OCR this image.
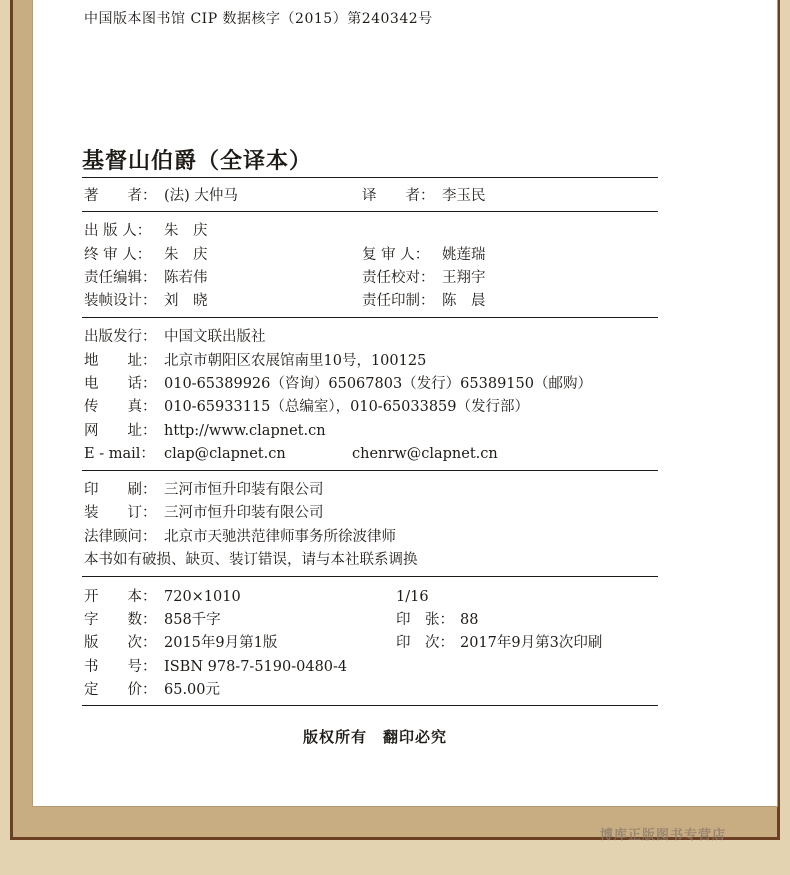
中国版本图书馆 CIP 数据核字（2015）第240342号
基督山伯爵（全译本）
著　　者： (法) 大仲马	译　　者： 李玉民
出 版 人： 朱　庆
终 审 人： 朱　庆	复 审 人： 姚莲瑞
责任编辑： 陈若伟	责任校对： 王翔宇
装帧设计： 刘　晓	责任印制： 陈　晨
出版发行： 中国文联出版社
地　　址： 北京市朝阳区农展馆南里10号，100125
电　　话： 010-65389926（咨询）65067803（发行）65389150（邮购）
传　　真： 010-65933115（总编室），010-65033859（发行部）
网　　址： http://www.clapnet.cn
E - mail： clap@clapnet.cn	chenrw@clapnet.cn
印　　刷： 三河市恒升印装有限公司
装　　订： 三河市恒升印装有限公司
法律顾问： 北京市天驰洪范律师事务所徐波律师
本书如有破损、缺页、装订错误，请与本社联系调换
开　　本： 720×1010	1/16
字　　数： 858千字	印　张： 88
版　　次： 2015年9月第1版	印　次： 2017年9月第3次印刷
书　　号： ISBN 978-7-5190-0480-4
定　　价： 65.00元
版权所有　翻印必究
博库正版图书专营店
